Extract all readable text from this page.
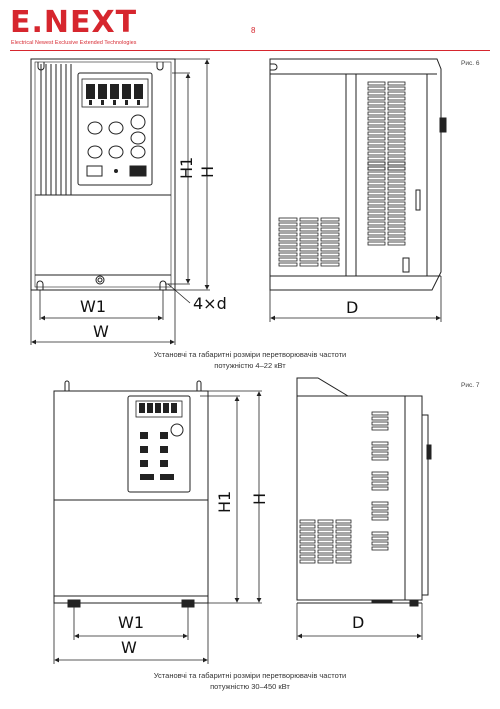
E.NEXT
Electrical Newest Exclusive Extended Technologies
8
Рис. 6
Рис. 7
H1 H
W1
W
4×d	D
H1 H
W1
W
D
Установчі та габаритні розміри перетворювачів частоти
потужністю 4–22 кВт
Установчі та габаритні розміри перетворювачів частоти
потужністю 30–450 кВт
